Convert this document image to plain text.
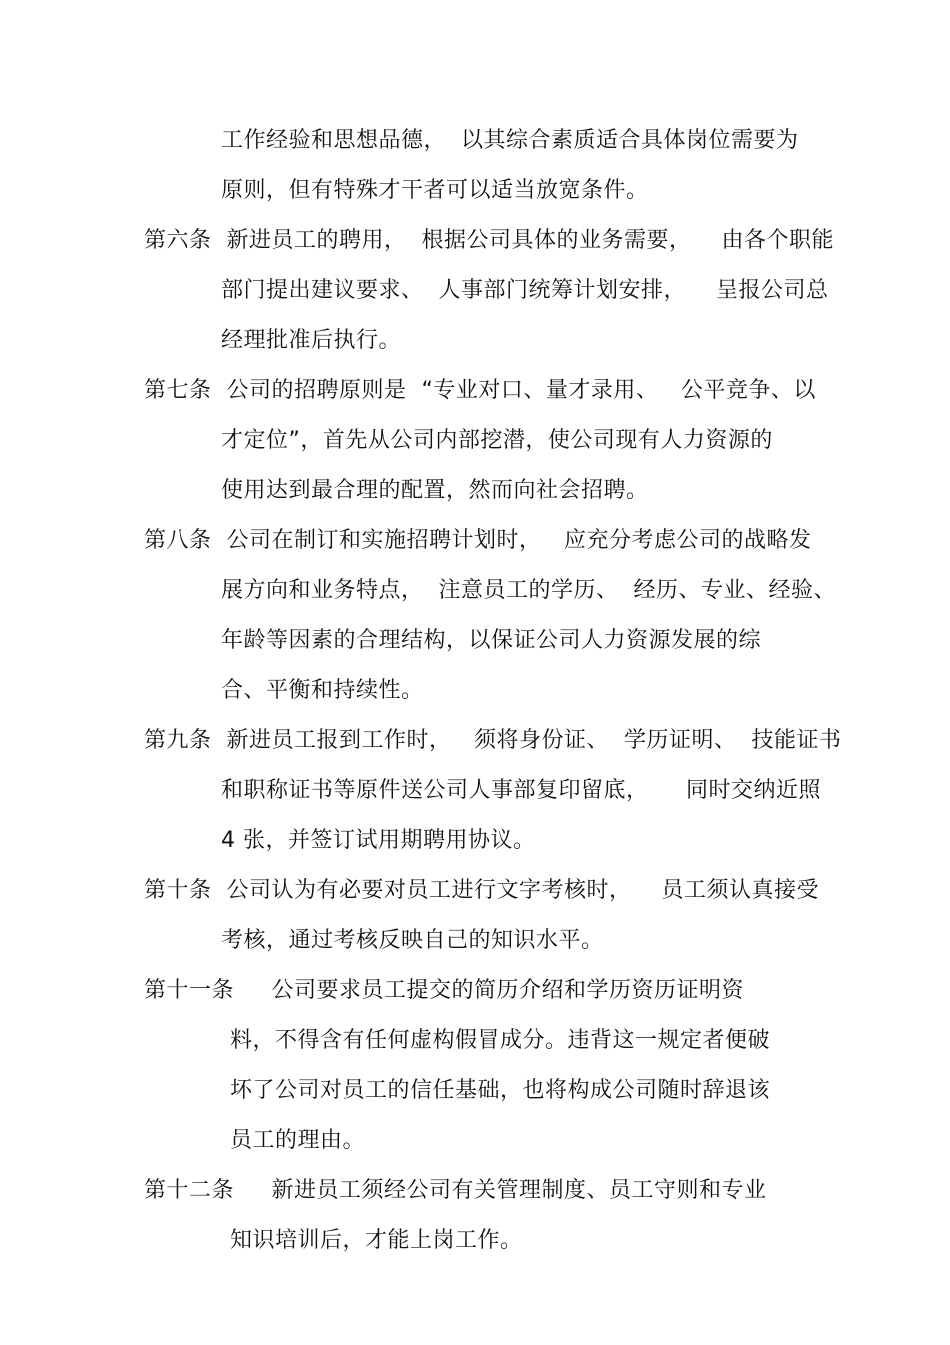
工作经验和思想品德，  以其综合素质适合具体岗位需要为
原则，但有特殊才干者可以适当放宽条件。
第六条  新进员工的聘用，  根据公司具体的业务需要，    由各个职能
部门提出建议要求、  人事部门统筹计划安排，    呈报公司总
经理批准后执行。
第七条  公司的招聘原则是  “专业对口、量才录用、   公平竞争、以
才定位”，首先从公司内部挖潜，使公司现有人力资源的
使用达到最合理的配置，然而向社会招聘。
第八条  公司在制订和实施招聘计划时，   应充分考虑公司的战略发
展方向和业务特点，  注意员工的学历、  经历、专业、经验、
年龄等因素的合理结构，以保证公司人力资源发展的综
合、平衡和持续性。
第九条  新进员工报到工作时，   须将身份证、  学历证明、  技能证书
和职称证书等原件送公司人事部复印留底，     同时交纳近照
4 张，并签订试用期聘用协议。
第十条  公司认为有必要对员工进行文字考核时，    员工须认真接受
考核，通过考核反映自己的知识水平。
第十一条     公司要求员工提交的简历介绍和学历资历证明资
料，不得含有任何虚构假冒成分。违背这一规定者便破
坏了公司对员工的信任基础，也将构成公司随时辞退该
员工的理由。
第十二条     新进员工须经公司有关管理制度、员工守则和专业
知识培训后，才能上岗工作。
